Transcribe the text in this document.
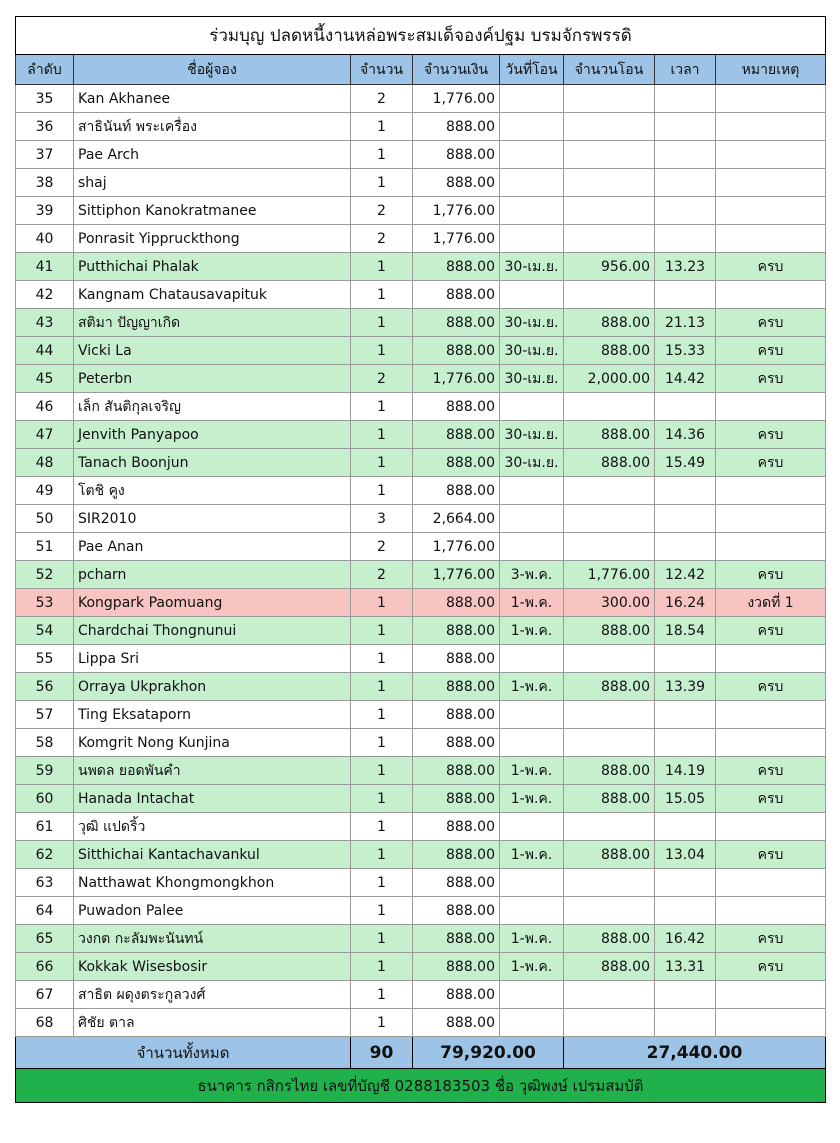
ร่วมบุญ ปลดหนี้งานหล่อพระสมเด็จองค์ปฐม บรมจักรพรรดิ							
ลำดับ	ชื่อผู้จอง	จำนวน	จำนวนเงิน	วันที่โอน	จำนวนโอน	เวลา	หมายเหตุ
35	Kan Akhanee	2	1,776.00				
36	สาธินันท์ พระเครื่อง	1	888.00				
37	Pae Arch	1	888.00				
38	shaj	1	888.00				
39	Sittiphon Kanokratmanee	2	1,776.00				
40	Ponrasit Yippruckthong	2	1,776.00				
41	Putthichai Phalak	1	888.00	30-เม.ย.	956.00	13.23	ครบ
42	Kangnam Chatausavapituk	1	888.00				
43	สติมา ปัญญาเกิด	1	888.00	30-เม.ย.	888.00	21.13	ครบ
44	Vicki La	1	888.00	30-เม.ย.	888.00	15.33	ครบ
45	Peterbn	2	1,776.00	30-เม.ย.	2,000.00	14.42	ครบ
46	เล็ก สันติกุลเจริญ	1	888.00				
47	Jenvith Panyapoo	1	888.00	30-เม.ย.	888.00	14.36	ครบ
48	Tanach Boonjun	1	888.00	30-เม.ย.	888.00	15.49	ครบ
49	โตชิ คูง	1	888.00				
50	SIR2010	3	2,664.00				
51	Pae Anan	2	1,776.00				
52	pcharn	2	1,776.00	3-พ.ค.	1,776.00	12.42	ครบ
53	Kongpark Paomuang	1	888.00	1-พ.ค.	300.00	16.24	งวดที่ 1
54	Chardchai Thongnunui	1	888.00	1-พ.ค.	888.00	18.54	ครบ
55	Lippa Sri	1	888.00				
56	Orraya Ukprakhon	1	888.00	1-พ.ค.	888.00	13.39	ครบ
57	Ting Eksataporn	1	888.00				
58	Komgrit Nong Kunjina	1	888.00				
59	นพดล ยอดพันคำ	1	888.00	1-พ.ค.	888.00	14.19	ครบ
60	Hanada Intachat	1	888.00	1-พ.ค.	888.00	15.05	ครบ
61	วุฒิ แปดริ้ว	1	888.00				
62	Sitthichai Kantachavankul	1	888.00	1-พ.ค.	888.00	13.04	ครบ
63	Natthawat Khongmongkhon	1	888.00				
64	Puwadon Palee	1	888.00				
65	วงกต กะลัมพะนันทน์	1	888.00	1-พ.ค.	888.00	16.42	ครบ
66	Kokkak Wisesbosir	1	888.00	1-พ.ค.	888.00	13.31	ครบ
67	สาธิต ผดุงตระกูลวงศ์	1	888.00				
68	ศิชัย ตาล	1	888.00				
จำนวนทั้งหมด		90	79,920.00		27,440.00		
ธนาคาร กสิกรไทย เลขที่บัญชี 0288183503 ชื่อ วุฒิพงษ์ เปรมสมบัติ							
